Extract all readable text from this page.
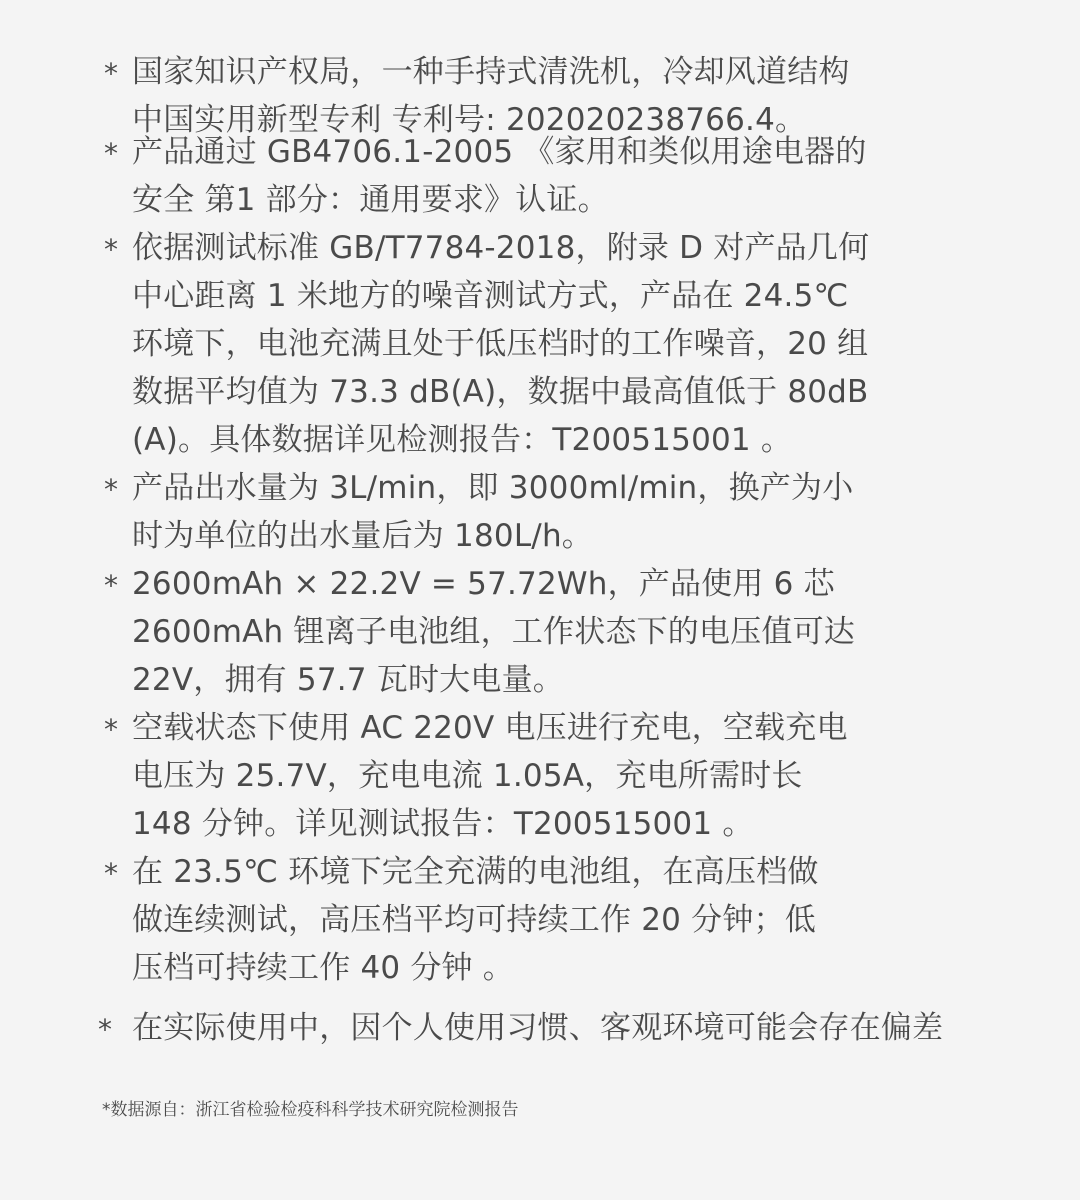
* 国家知识产权局，一种手持式清洗机，冷却风道结构
中国实用新型专利 专利号: 202020238766.4。
* 产品通过 GB4706.1-2005 《家用和类似用途电器的
安全 第1 部分：通用要求》认证。
* 依据测试标准 GB/T7784-2018，附录 D 对产品几何
中心距离 1 米地方的噪音测试方式，产品在 24.5℃
环境下，电池充满且处于低压档时的工作噪音，20 组
数据平均值为 73.3 dB(A)，数据中最高值低于 80dB
(A)。具体数据详见检测报告：T200515001 。
* 产品出水量为 3L/min，即 3000ml/min，换产为小
时为单位的出水量后为 180L/h。
* 2600mAh × 22.2V = 57.72Wh，产品使用 6 芯
2600mAh 锂离子电池组，工作状态下的电压值可达
22V，拥有 57.7 瓦时大电量。
* 空载状态下使用 AC 220V 电压进行充电，空载充电
电压为 25.7V，充电电流 1.05A，充电所需时长
148 分钟。详见测试报告：T200515001 。
* 在 23.5℃ 环境下完全充满的电池组，在高压档做
做连续测试，高压档平均可持续工作 20 分钟；低
压档可持续工作 40 分钟 。
* 在实际使用中，因个人使用习惯、客观环境可能会存在偏差
*数据源自：浙江省检验检疫科科学技术研究院检测报告
